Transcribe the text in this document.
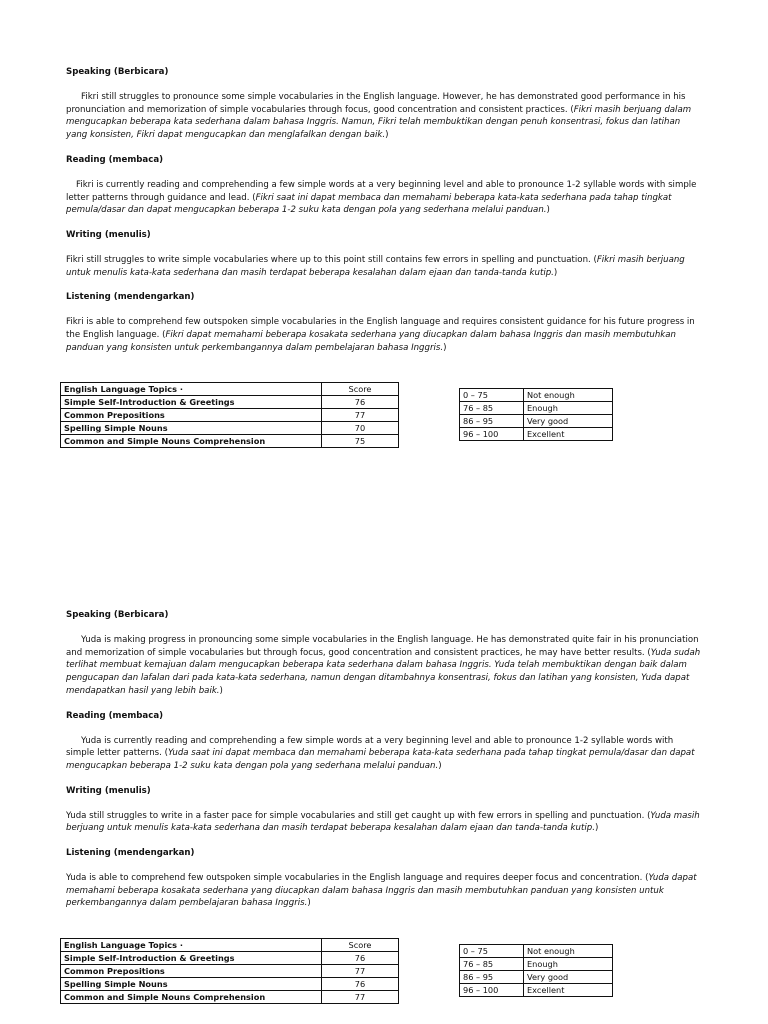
Speaking (Berbicara)

Fikri still struggles to pronounce some simple vocabularies in the English language. However, he has demonstrated good performance in his pronunciation and memorization of simple vocabularies through focus, good concentration and consistent practices. (Fikri masih berjuang dalam mengucapkan beberapa kata sederhana dalam bahasa Inggris. Namun, Fikri telah membuktikan dengan penuh konsentrasi, fokus dan latihan yang konsisten, Fikri dapat mengucapkan dan menglafalkan dengan baik.)

Reading (membaca)

Fikri is currently reading and comprehending a few simple words at a very beginning level and able to pronounce 1-2 syllable words with simple letter patterns through guidance and lead. (Fikri saat ini dapat membaca dan memahami beberapa kata-kata sederhana pada tahap tingkat pemula/dasar dan dapat mengucapkan beberapa 1-2 suku kata dengan pola yang sederhana melalui panduan.)

Writing (menulis)

Fikri still struggles to write simple vocabularies where up to this point still contains few errors in spelling and punctuation. (Fikri masih berjuang untuk menulis kata-kata sederhana dan masih terdapat beberapa kesalahan dalam ejaan dan tanda-tanda kutip.)

Listening (mendengarkan)

Fikri is able to comprehend few outspoken simple vocabularies in the English language and requires consistent guidance for his future progress in the English language. (Fikri dapat memahami beberapa kosakata sederhana yang diucapkan dalam bahasa Inggris dan masih membutuhkan panduan yang konsisten untuk perkembangannya dalam pembelajaran bahasa Inggris.)

English Language Topics ·	Score
Simple Self-Introduction & Greetings	76
Common Prepositions	77
Spelling Simple Nouns	70
Common and Simple Nouns Comprehension	75
0 – 75	Not enough
76 – 85	Enough
86 – 95	Very good
96 – 100	Excellent
Speaking (Berbicara)

Yuda is making progress in pronouncing some simple vocabularies in the English language. He has demonstrated quite fair in his pronunciation and memorization of simple vocabularies but through focus, good concentration and consistent practices, he may have better results. (Yuda sudah terlihat membuat kemajuan dalam mengucapkan beberapa kata sederhana dalam bahasa Inggris. Yuda telah membuktikan dengan baik dalam pengucapan dan lafalan dari pada kata-kata sederhana, namun dengan ditambahnya konsentrasi, fokus dan latihan yang konsisten, Yuda dapat mendapatkan hasil yang lebih baik.)

Reading (membaca)

Yuda is currently reading and comprehending a few simple words at a very beginning level and able to pronounce 1-2 syllable words with simple letter patterns. (Yuda saat ini dapat membaca dan memahami beberapa kata-kata sederhana pada tahap tingkat pemula/dasar dan dapat mengucapkan beberapa 1-2 suku kata dengan pola yang sederhana melalui panduan.)

Writing (menulis)

Yuda still struggles to write in a faster pace for simple vocabularies and still get caught up with few errors in spelling and punctuation. (Yuda masih berjuang untuk menulis kata-kata sederhana dan masih terdapat beberapa kesalahan dalam ejaan dan tanda-tanda kutip.)

Listening (mendengarkan)

Yuda is able to comprehend few outspoken simple vocabularies in the English language and requires deeper focus and concentration. (Yuda dapat memahami beberapa kosakata sederhana yang diucapkan dalam bahasa Inggris dan masih membutuhkan panduan yang konsisten untuk perkembangannya dalam pembelajaran bahasa Inggris.)

English Language Topics ·	Score
Simple Self-Introduction & Greetings	76
Common Prepositions	77
Spelling Simple Nouns	76
Common and Simple Nouns Comprehension	77
0 – 75	Not enough
76 – 85	Enough
86 – 95	Very good
96 – 100	Excellent
